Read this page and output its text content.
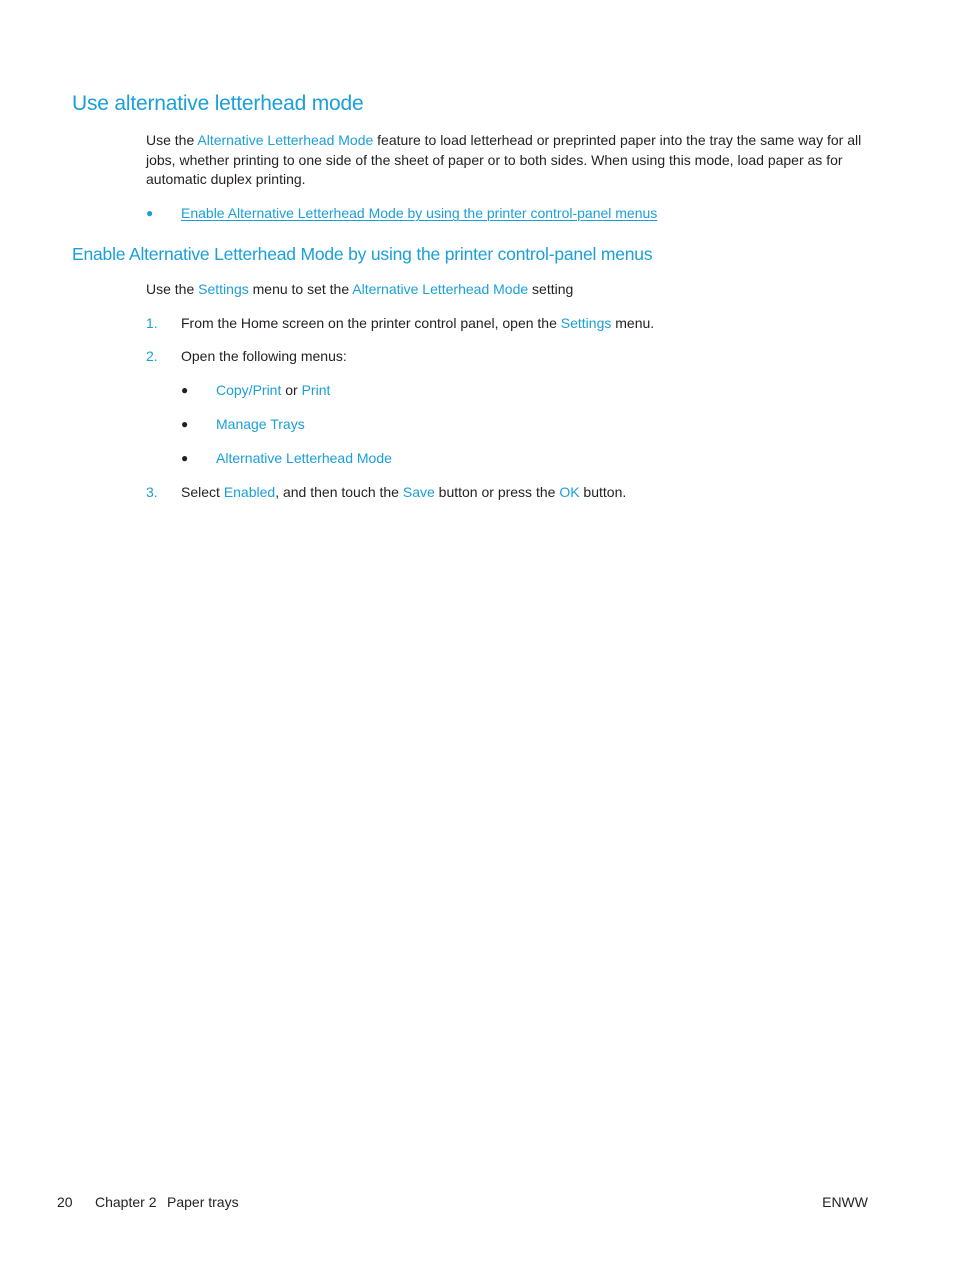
Use alternative letterhead mode

Use the Alternative Letterhead Mode feature to load letterhead or preprinted paper into the tray the same way for all jobs, whether printing to one side of the sheet of paper or to both sides. When using this mode, load paper as for automatic duplex printing.

● Enable Alternative Letterhead Mode by using the printer control-panel menus
Enable Alternative Letterhead Mode by using the printer control-panel menus

Use the Settings menu to set the Alternative Letterhead Mode setting

1. From the Home screen on the printer control panel, open the Settings menu.
2. Open the following menus:
● Copy/Print or Print
● Manage Trays
● Alternative Letterhead Mode
3. Select Enabled, and then touch the Save button or press the OK button.
20 Chapter 2 Paper trays	ENWW
